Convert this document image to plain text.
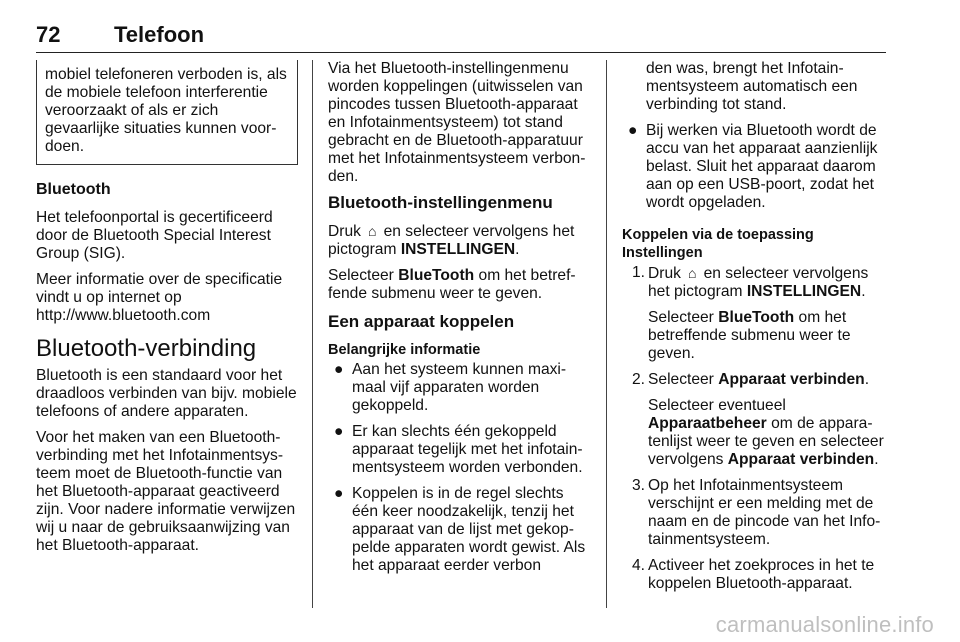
72 Telefoon
mobiel telefoneren verboden is, als de mobiele telefoon interferentie veroorzaakt of als er zich gevaarlijke situaties kunnen voordoen.
Bluetooth

Het telefoonportal is gecertificeerd door de Bluetooth Special Interest Group (SIG).

Meer informatie over de specificatie vindt u op internet op
http://www.bluetooth.com

Bluetooth-verbinding

Bluetooth is een standaard voor het draadloos verbinden van bijv. mobiele telefoons of andere apparaten.

Voor het maken van een Bluetooth-verbinding met het Infotainmentsysteem moet de Bluetooth-functie van het Bluetooth-apparaat geactiveerd zijn. Voor nadere informatie verwijzen wij u naar de gebruiksaanwijzing van het Bluetooth-apparaat.

Via het Bluetooth-instellingenmenu worden koppelingen (uitwisselen van pincodes tussen Bluetooth-apparaat en Infotainmentsysteem) tot stand gebracht en de Bluetooth-apparatuur met het Infotainmentsysteem verbonden.

Bluetooth-instellingenmenu

Druk ⌂ en selecteer vervolgens het pictogram INSTELLINGEN.

Selecteer BlueTooth om het betreffende submenu weer te geven.

Een apparaat koppelen
Belangrijke informatie
● Aan het systeem kunnen maximaal vijf apparaten worden gekoppeld.
● Er kan slechts één gekoppeld apparaat tegelijk met het infotainmentsysteem worden verbonden.
● Koppelen is in de regel slechts één keer noodzakelijk, tenzij het apparaat van de lijst met gekoppelde apparaten wordt gewist. Als het apparaat eerder verbon
den was, brengt het Infotainmentsysteem automatisch een verbinding tot stand.
● Bij werken via Bluetooth wordt de accu van het apparaat aanzienlijk belast. Sluit het apparaat daarom aan op een USB-poort, zodat het wordt opgeladen.
Koppelen via de toepassing
Instellingen
1. Druk ⌂ en selecteer vervolgens het pictogram INSTELLINGEN.
Selecteer BlueTooth om het betreffende submenu weer te geven.
2. Selecteer Apparaat verbinden.
Selecteer eventueel Apparaatbeheer om de apparatenlijst weer te geven en selecteer vervolgens Apparaat verbinden.
3. Op het Infotainmentsysteem verschijnt er een melding met de naam en de pincode van het Infotainmentsysteem.
4. Activeer het zoekproces in het te koppelen Bluetooth-apparaat.
carmanualsonline.info
